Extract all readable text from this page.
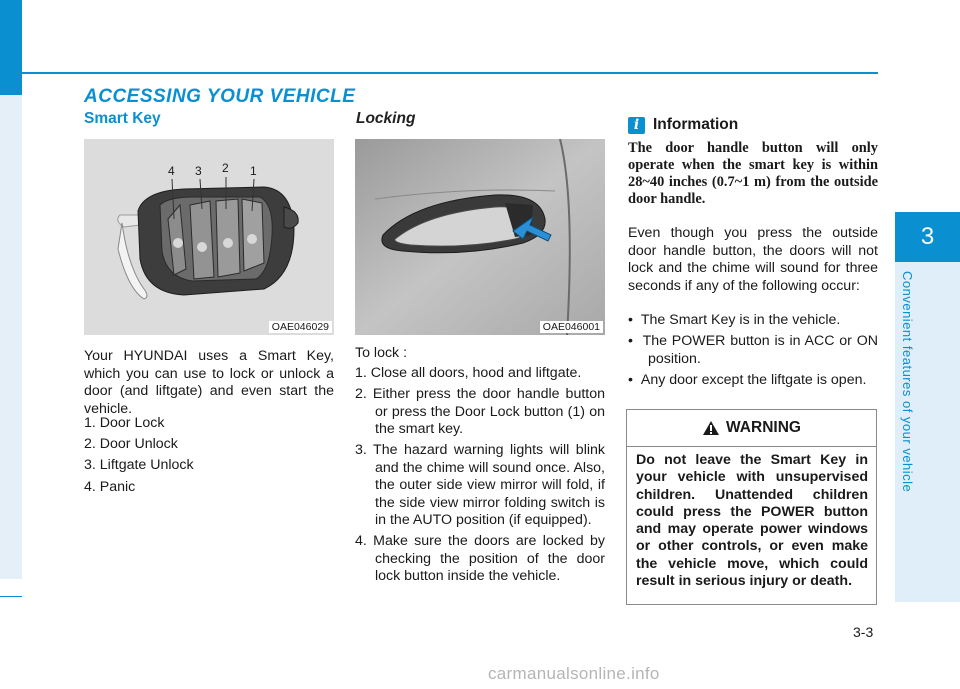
3
Convenient features of your vehicle
ACCESSING YOUR VEHICLE
Smart Key
4 3 2 1
OAE046029
Your HYUNDAI uses a Smart Key, which you can use to lock or unlock a door (and liftgate) and even start the vehicle.
1. Door Lock
2. Door Unlock
3. Liftgate Unlock
4. Panic
Locking
OAE046001
To lock :
1. Close all doors, hood and liftgate.
2. Either press the door handle button or press the Door Lock button (1) on the smart key.
3. The hazard warning lights will blink and the chime will sound once. Also, the outer side view mirror will fold, if the side view mirror folding switch is in the AUTO position (if equipped).
4. Make sure the doors are locked by checking the position of the door lock button inside the vehicle.
i Information
The door handle button will only operate when the smart key is within 28~40 inches (0.7~1 m) from the outside door handle.
Even though you press the outside door handle button, the doors will not lock and the chime will sound for three seconds if any of the following occur:
•  The Smart Key is in the vehicle.
•  The POWER button is in ACC or ON position.
•  Any door except the liftgate is open.
WARNING
Do not leave the Smart Key in your vehicle with unsupervised children. Unattended children could press the POWER button and may operate power windows or other controls, or even make the vehicle move, which could result in serious injury or death.
3-3
carmanualsonline.info
